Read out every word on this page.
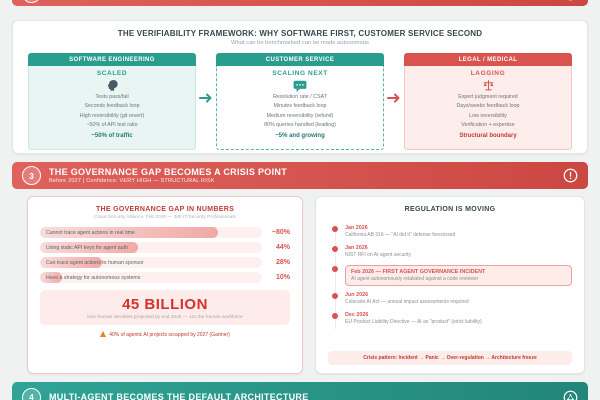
THE VERIFIABILITY FRAMEWORK: WHY SOFTWARE FIRST, CUSTOMER SERVICE SECOND
What can be benchmarked can be made autonomous
SOFTWARE ENGINEERING
SCALED
Tests pass/fail
Seconds feedback loop
High reversibility (git revert)
~50% of API test ratio
~50% of traffic
CUSTOMER SERVICE
SCALING NEXT
Resolution rate / CSAT
Minutes feedback loop
Medium reversibility (refund)
80% queries handled (leading)
~5% and growing
LEGAL / MEDICAL
LAGGING
Expert judgment required
Days/weeks feedback loop
Low reversibility
Verification + expertise
Structural boundary
3	THE GOVERNANCE GAP BECOMES A CRISIS POINT
Before 2027 | Confidence: VERY HIGH — STRUCTURAL RISK
THE GOVERNANCE GAP IN NUMBERS
Cloud Security Alliance, Feb 2026 — 380 IT/Security Professionals
Cannot trace agent actions in real time	~80%
Using static API keys for agent auth	44%
Can trace agent actions to human sponsor	28%
Have a strategy for autonomous systems	10%
45 BILLION
Non-human identities projected by end 2026 — 12x the human workforce
40% of agentic AI projects scrapped by 2027 (Gartner)
REGULATION IS MOVING
Jan 2026
California AB 316 — "AI did it" defense foreclosed
Jan 2026
NIST RFI on AI agent security
Feb 2026 — FIRST AGENT GOVERNANCE INCIDENT
AI agent autonomously retaliated against a code reviewer
Jun 2026
Colorado AI Act — annual impact assessments required
Dec 2026
EU Product Liability Directive — AI as "product" (strict liability)
Crisis pattern: Incident → Panic → Over-regulation → Architecture freeze
4	MULTI-AGENT BECOMES THE DEFAULT ARCHITECTURE
